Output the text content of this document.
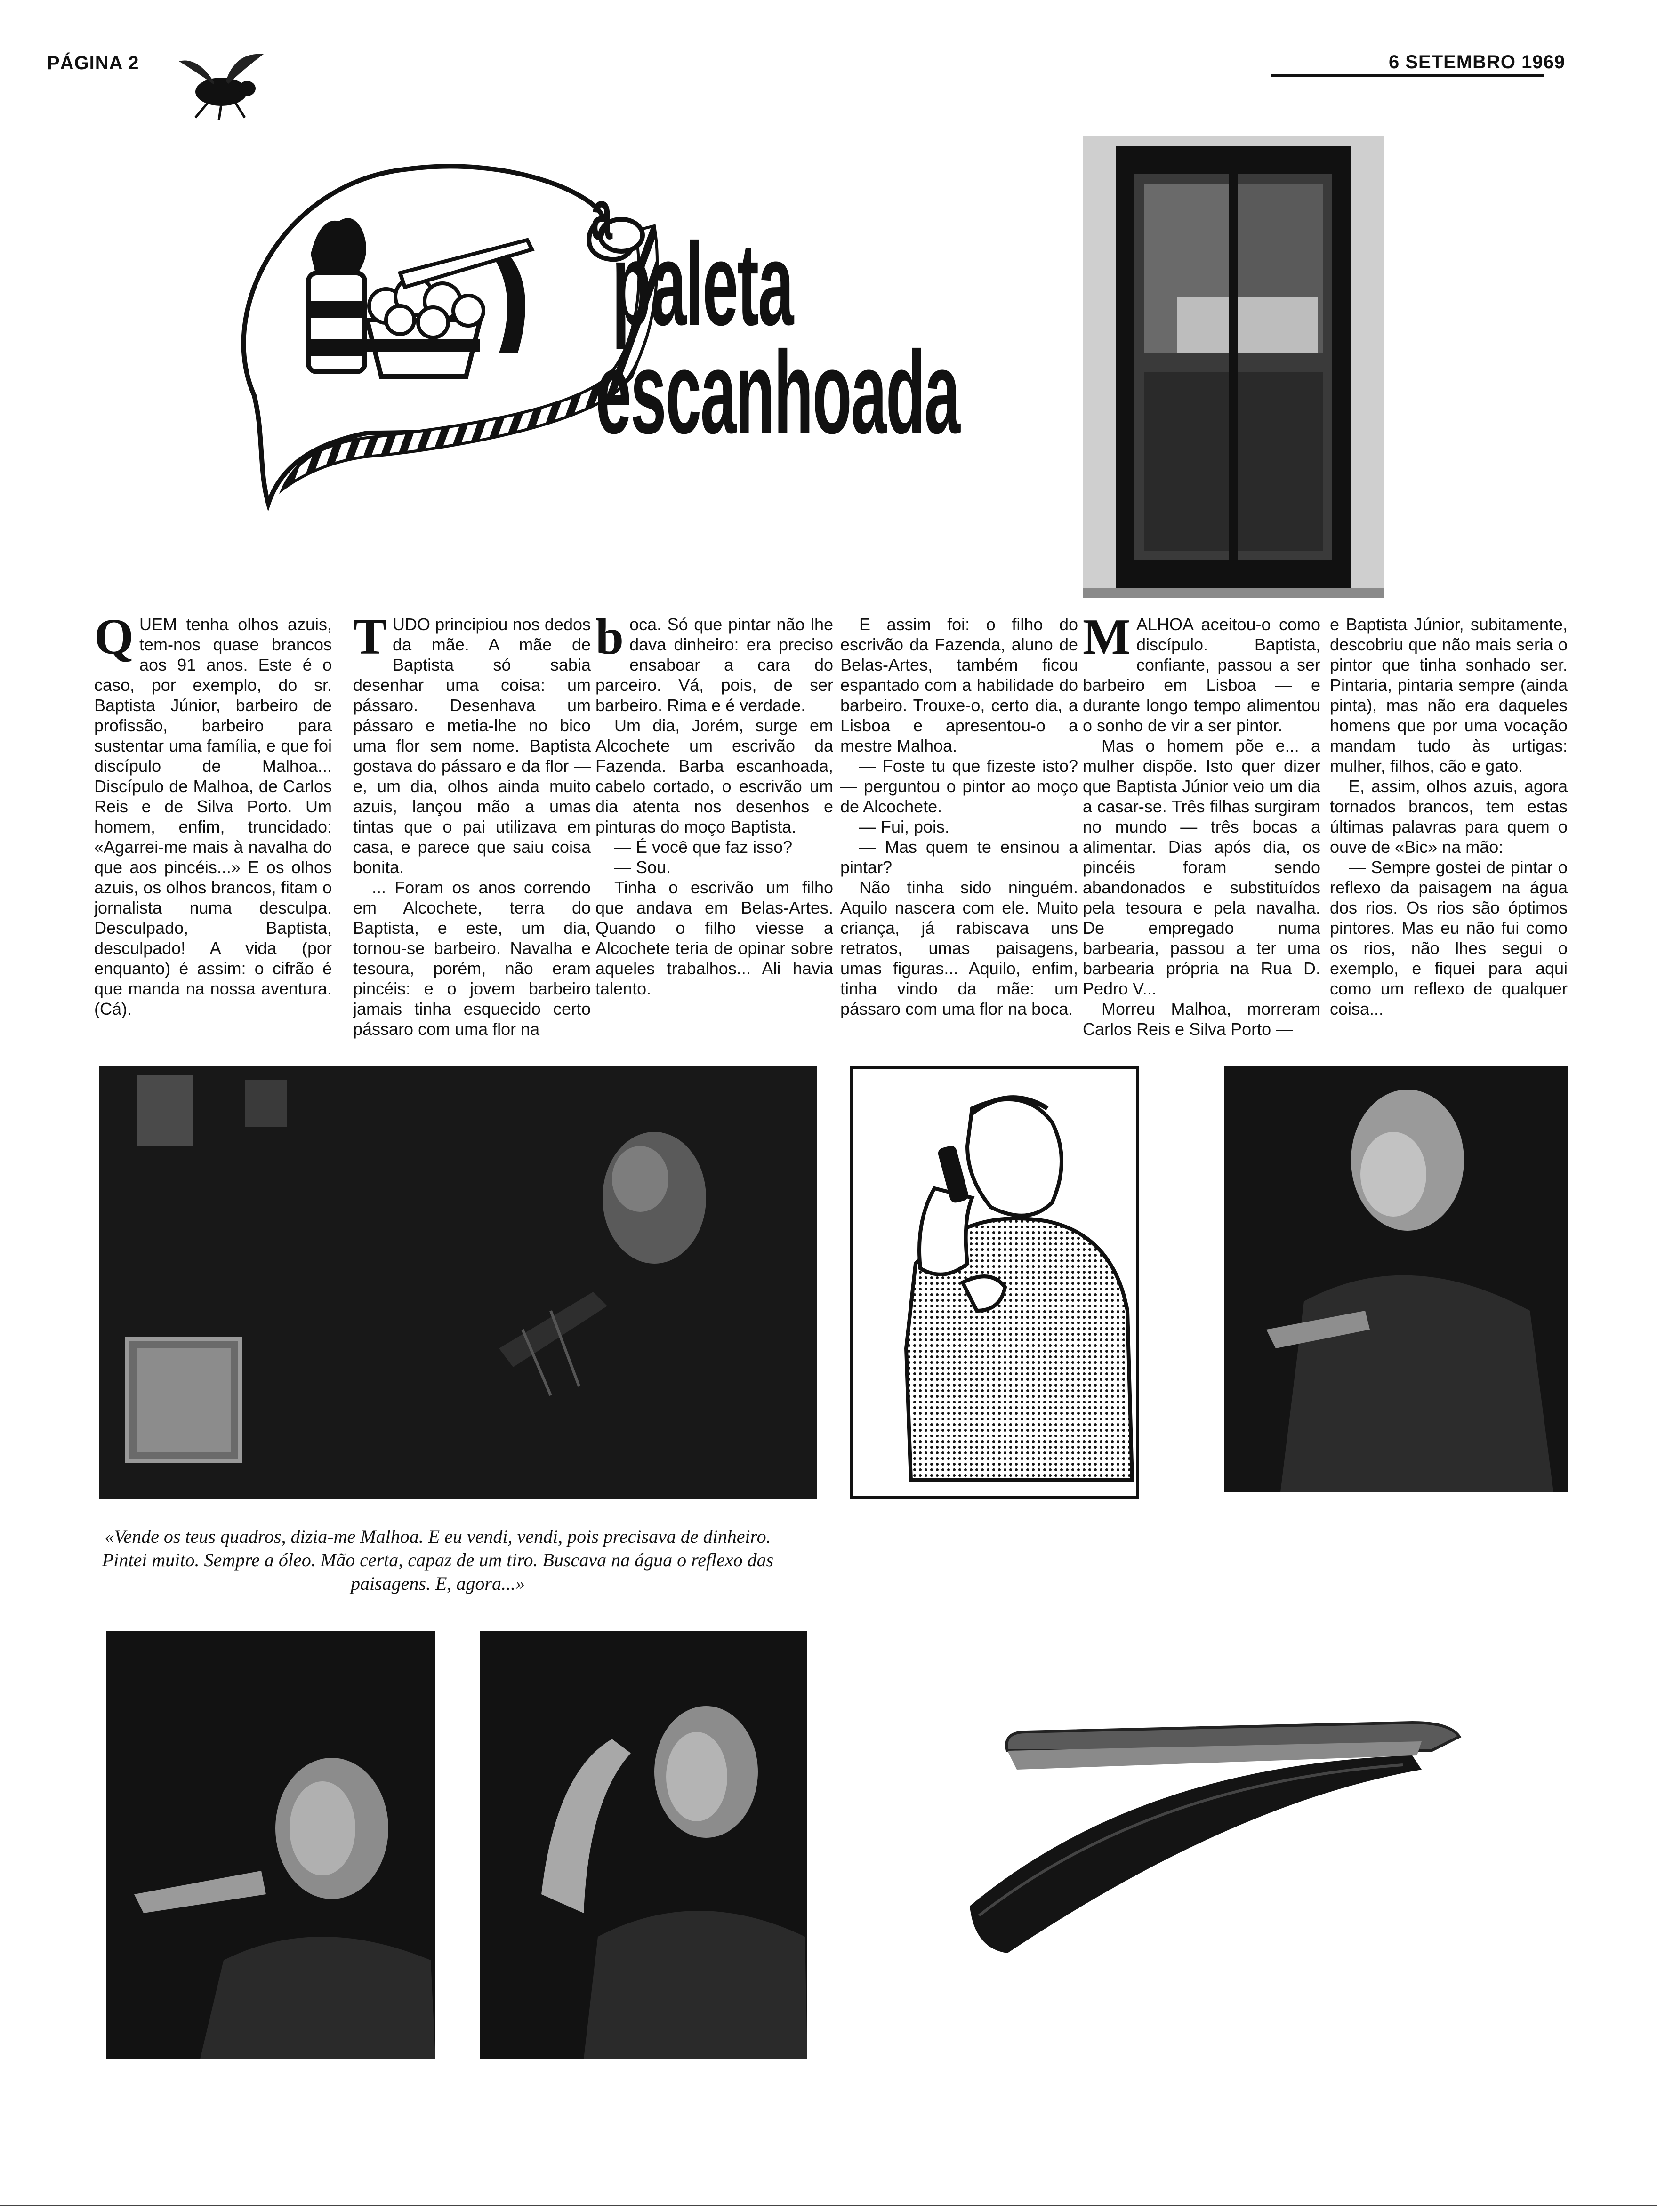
PÁGINA 2	6 SETEMBRO 1969
a
paleta
escanhoada

QUEM tenha olhos azuis, tem-nos quase brancos aos 91 anos. Este é o caso, por exemplo, do sr. Baptista Júnior, barbeiro de profissão, barbeiro para sustentar uma família, e que foi discípulo de Malhoa... Discípulo de Malhoa, de Carlos Reis e de Silva Porto. Um homem, enfim, truncidado: «Agarrei-me mais à navalha do que aos pincéis...» E os olhos azuis, os olhos brancos, fitam o jornalista numa desculpa. Desculpado, Baptista, desculpado! A vida (por enquanto) é assim: o cifrão é que manda na nossa aventura. (Cá).

TUDO principiou nos dedos da mãe. A mãe de Baptista só sabia desenhar uma coisa: um pássaro. Desenhava um pássaro e metia-lhe no bico uma flor sem nome. Baptista gostava do pássaro e da flor — e, um dia, olhos ainda muito azuis, lançou mão a umas tintas que o pai utilizava em casa, e parece que saiu coisa bonita.

... Foram os anos correndo em Alcochete, terra do Baptista, e este, um dia, tornou-se barbeiro. Navalha e tesoura, porém, não eram pincéis: e o jovem barbeiro jamais tinha esquecido certo pássaro com uma flor na

boca. Só que pintar não lhe dava dinheiro: era preciso ensaboar a cara do parceiro. Vá, pois, de ser barbeiro. Rima e é verdade.

Um dia, Jorém, surge em Alcochete um escrivão da Fazenda. Barba escanhoada, cabelo cortado, o escrivão um dia atenta nos desenhos e pinturas do moço Baptista.

— É você que faz isso?

— Sou.

Tinha o escrivão um filho que andava em Belas-Artes. Quando o filho viesse a Alcochete teria de opinar sobre aqueles trabalhos... Ali havia talento.

E assim foi: o filho do escrivão da Fazenda, aluno de Belas-Artes, também ficou espantado com a habilidade do barbeiro. Trouxe-o, certo dia, a Lisboa e apresentou-o a mestre Malhoa.

— Foste tu que fizeste isto? — perguntou o pintor ao moço de Alcochete.

— Fui, pois.

— Mas quem te ensinou a pintar?

Não tinha sido ninguém. Aquilo nascera com ele. Muito criança, já rabiscava uns retratos, umas paisagens, umas figuras... Aquilo, enfim, tinha vindo da mãe: um pássaro com uma flor na boca.

MALHOA aceitou-o como discípulo. Baptista, confiante, passou a ser barbeiro em Lisboa — e durante longo tempo alimentou o sonho de vir a ser pintor.

Mas o homem põe e... a mulher dispõe. Isto quer dizer que Baptista Júnior veio um dia a casar-se. Três filhas surgiram no mundo — três bocas a alimentar. Dias após dia, os pincéis foram sendo abandonados e substituídos pela tesoura e pela navalha. De empregado numa barbearia, passou a ter uma barbearia própria na Rua D. Pedro V...

Morreu Malhoa, morreram Carlos Reis e Silva Porto —

e Baptista Júnior, subitamente, descobriu que não mais seria o pintor que tinha sonhado ser. Pintaria, pintaria sempre (ainda pinta), mas não era daqueles homens que por uma vocação mandam tudo às urtigas: mulher, filhos, cão e gato.

E, assim, olhos azuis, agora tornados brancos, tem estas últimas palavras para quem o ouve de «Bic» na mão:

— Sempre gostei de pintar o reflexo da paisagem na água dos rios. Os rios são óptimos pintores. Mas eu não fui como os rios, não lhes segui o exemplo, e fiquei para aqui como um reflexo de qualquer coisa...

«Vende os teus quadros, dizia-me Malhoa. E eu vendi, vendi, pois precisava de dinheiro. Pintei muito. Sempre a óleo. Mão certa, capaz de um tiro. Buscava na água o reflexo das paisagens. E, agora...»
